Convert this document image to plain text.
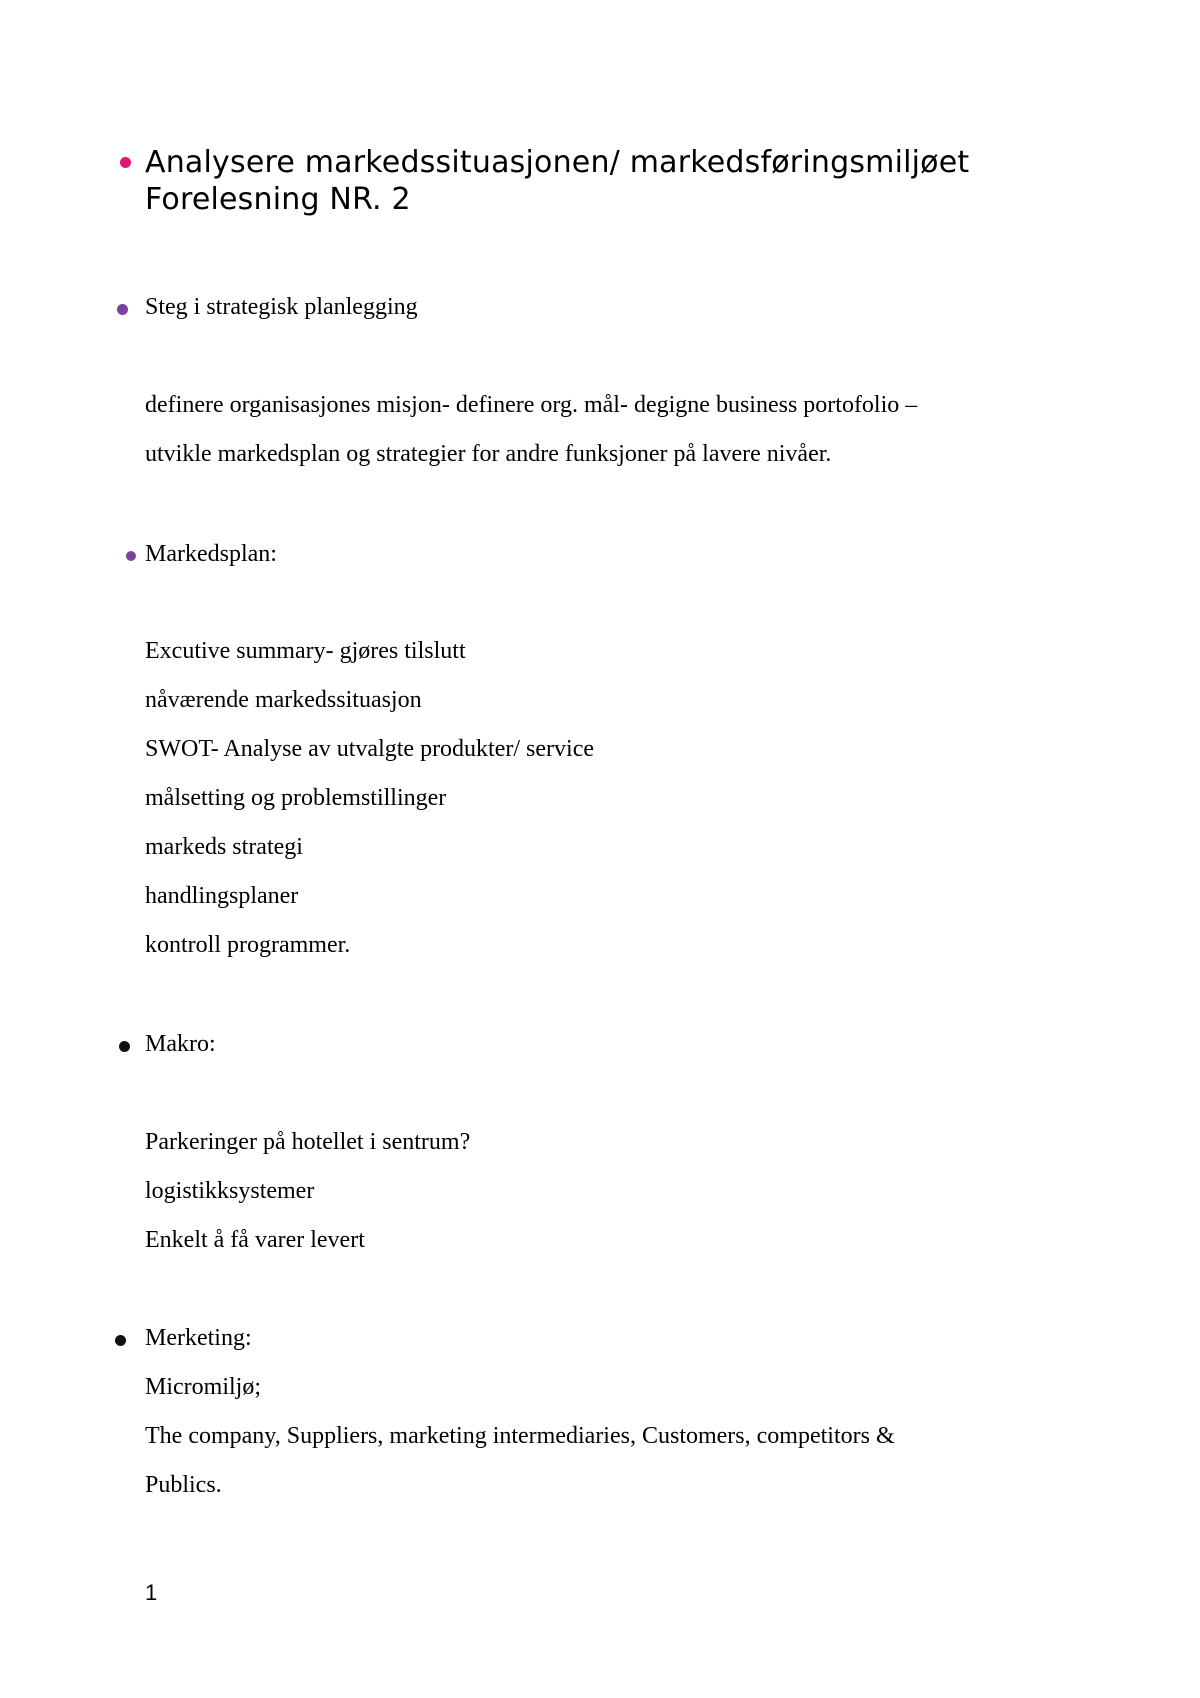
Analysere markedssituasjonen/ markedsføringsmiljøet
Forelesning NR. 2
Steg i strategisk planlegging
definere organisasjones misjon- definere org. mål- degigne business portofolio –
utvikle markedsplan og strategier for andre funksjoner på lavere nivåer.
Markedsplan:
Excutive summary- gjøres tilslutt
nåværende markedssituasjon
SWOT- Analyse av utvalgte produkter/ service
målsetting og problemstillinger
markeds strategi
handlingsplaner
kontroll programmer.
Makro:
Parkeringer på hotellet i sentrum?
logistikksystemer
Enkelt å få varer levert
Merketing:
Micromiljø;
The company, Suppliers, marketing intermediaries, Customers, competitors &
Publics.
1
